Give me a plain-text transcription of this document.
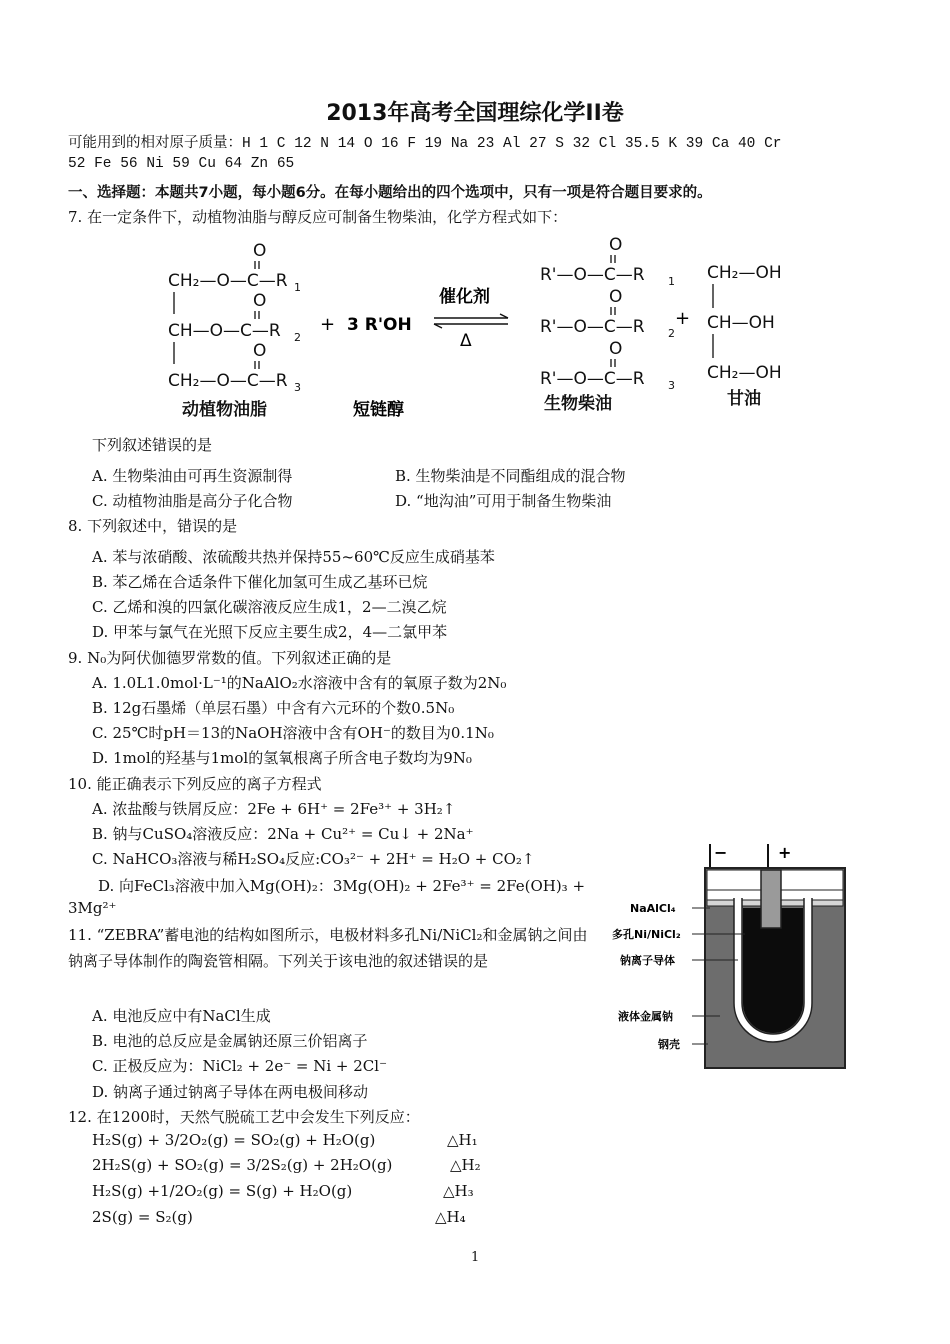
2013年高考全国理综化学II卷
可能用到的相对原子质量：H 1 C 12 N 14 O 16 F 19 Na 23 Al 27 S 32 Cl 35.5 K 39 Ca 40 Cr
52 Fe 56 Ni 59 Cu 64 Zn 65
一、选择题：本题共7小题，每小题6分。在每小题给出的四个选项中，只有一项是符合题目要求的。
7. 在一定条件下，动植物油脂与醇反应可制备生物柴油，化学方程式如下：
O
CH₂—O—C—R 1
O
CH—O—C—R 2
O
CH₂—O—C—R 3
动植物油脂
+ 3 R'OH
短链醇
催化剂
Δ
O
R'—O—C—R 1
O
R'—O—C—R 2
O
R'—O—C—R 3
生物柴油
+
CH₂—OH
CH—OH
CH₂—OH
甘油
下列叙述错误的是
A. 生物柴油由可再生资源制得	B. 生物柴油是不同酯组成的混合物
C. 动植物油脂是高分子化合物	D. “地沟油”可用于制备生物柴油
8. 下列叙述中，错误的是
A. 苯与浓硝酸、浓硫酸共热并保持55~60℃反应生成硝基苯
B. 苯乙烯在合适条件下催化加氢可生成乙基环已烷
C. 乙烯和溴的四氯化碳溶液反应生成1，2—二溴乙烷
D. 甲苯与氯气在光照下反应主要生成2，4—二氯甲苯
9. N₀为阿伏伽德罗常数的值。下列叙述正确的是
A. 1.0L1.0mol·L⁻¹的NaAlO₂水溶液中含有的氧原子数为2N₀
B. 12g石墨烯（单层石墨）中含有六元环的个数0.5N₀
C. 25℃时pH＝13的NaOH溶液中含有OH⁻的数目为0.1N₀
D. 1mol的羟基与1mol的氢氧根离子所含电子数均为9N₀
10. 能正确表示下列反应的离子方程式
A. 浓盐酸与铁屑反应：2Fe + 6H⁺ = 2Fe³⁺ + 3H₂↑
B. 钠与CuSO₄溶液反应：2Na + Cu²⁺ = Cu↓ + 2Na⁺
C. NaHCO₃溶液与稀H₂SO₄反应:CO₃²⁻ + 2H⁺ = H₂O + CO₂↑
D. 向FeCl₃溶液中加入Mg(OH)₂：3Mg(OH)₂ + 2Fe³⁺ = 2Fe(OH)₃ +
3Mg²⁺
11. “ZEBRA”蓄电池的结构如图所示，电极材料多孔Ni/NiCl₂和金属钠之间由钠离子导体制作的陶瓷管相隔。下列关于该电池的叙述错误的是
A. 电池反应中有NaCl生成
B. 电池的总反应是金属钠还原三价铝离子
C. 正极反应为：NiCl₂ + 2e⁻ = Ni + 2Cl⁻
D. 钠离子通过钠离子导体在两电极间移动
−	+
NaAlCl₄
多孔Ni/NiCl₂
钠离子导体
液体金属钠
钢壳
12. 在1200时，天然气脱硫工艺中会发生下列反应：
H₂S(g) + 3/2O₂(g) = SO₂(g) + H₂O(g)	△H₁
2H₂S(g) + SO₂(g) = 3/2S₂(g) + 2H₂O(g)	△H₂
H₂S(g) +1/2O₂(g) = S(g) + H₂O(g)	△H₃
2S(g) = S₂(g)	△H₄
1
